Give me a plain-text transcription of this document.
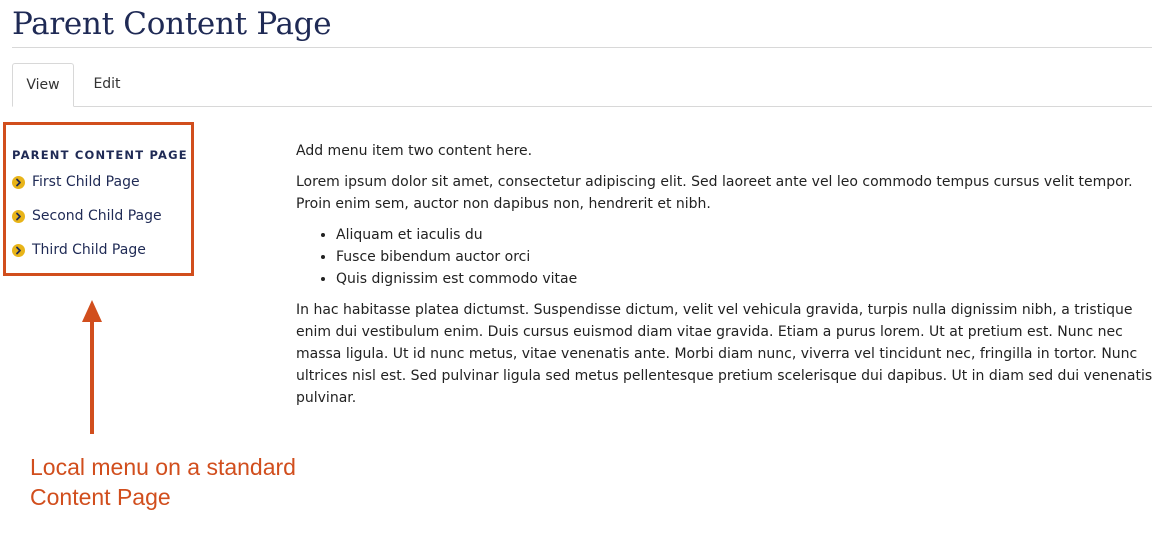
Parent Content Page
View	Edit
PARENT CONTENT PAGE
First Child Page
Second Child Page
Third Child Page

Add menu item two content here.

Lorem ipsum dolor sit amet, consectetur adipiscing elit. Sed laoreet ante vel leo commodo tempus cursus velit tempor. Proin enim sem, auctor non dapibus non, hendrerit et nibh.

• Aliquam et iaculis du
• Fusce bibendum auctor orci
• Quis dignissim est commodo vitae

In hac habitasse platea dictumst. Suspendisse dictum, velit vel vehicula gravida, turpis nulla dignissim nibh, a tristique enim dui vestibulum enim. Duis cursus euismod diam vitae gravida. Etiam a purus lorem. Ut at pretium est. Nunc nec massa ligula. Ut id nunc metus, vitae venenatis ante. Morbi diam nunc, viverra vel tincidunt nec, fringilla in tortor. Nunc ultrices nisl est. Sed pulvinar ligula sed metus pellentesque pretium scelerisque dui dapibus. Ut in diam sed dui venenatis pulvinar.

Local menu on a standard
Content Page
